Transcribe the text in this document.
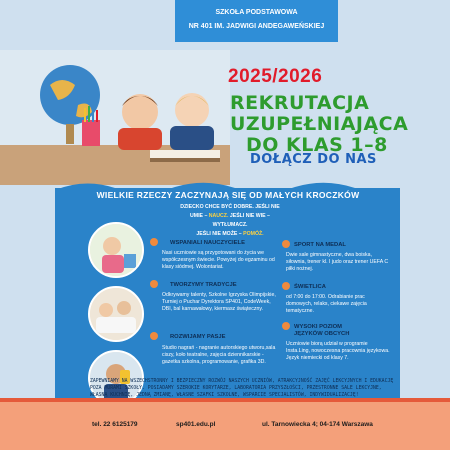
SZKOŁA PODSTAWOWA
NR 401 IM. JADWIGI ANDEGAWEŃSKIEJ
2025/2026
REKRUTACJA
UZUPEŁNIAJĄCA
DO KLAS 1–8
DOŁĄCZ DO NAS
WIELKIE RZECZY ZACZYNAJĄ SIĘ OD MAŁYCH KROCZKÓW
DZIECKO CHCE BYĆ DOBRE. JEŚLI NIE
UMIE – NAUCZ. JEŚLI NIE WIE –
WYTŁUMACZ.
JEŚLI NIE MOŻE – POMÓŻ.
WSPANIALI NAUCZYCIELE
Nasi uczniowie są przygotowani do życia we współczesnym świecie. Powyżej do egzaminu od klasy siódmej. Wolontariat.
TWORZYMY TRADYCJE
Odkrywamy talenty, Szkolne Igrzyska Olimpijskie, Turniej o Puchar Dyrektora SP401, CodeWeek, DBI, bal karnawałowy, kiermasz świąteczny.
ROZWIJAMY PASJE
Studio nagrań - nagranie autorskiego utworu,sala ciszy, koło teatralne, zajęcia dziennikarskie - gazetka szkolna, programowanie, grafika 3D.
SPORT NA MEDAL
Dwie sale gimnastyczne, dwa boiska, siłownia, trener kl. I judo oraz trener UEFA C piłki nożnej.
ŚWIETLICA
od 7:00 do 17:00. Odrabianie prac domowych, relaks, ciekawe zajęcia tematyczne.
WYSOKI POZIOM
JĘZYKÓW OBCYCH
Uczniowie biorą udział w programie Insta.Ling, nowoczesna pracownia językowa. Język niemiecki od klasy 7.
ZAPEWNIAMY NA WSZECHSTRONNY I BEZPIECZNY ROZWÓJ NASZYCH UCZNIÓW, ATRAKCYJNOŚĆ ZAJĘĆ LEKCYJNYCH I EDUKACJĘ POZA MURAMI SZKOŁY. POSIADAMY SZEROKIE KORYTARZE, LABORATORIA PRZYSZŁOŚCI, PRZESTRONNE SALE LEKCYJNE, WŁASNĄ KUCHNIĘ, JEDNĄ ZMIANĘ, WŁASNE SZAFKI SZKOLNE, WSPARCIE SPECJALISTÓW, INDYWIDUALIZACJĘ!
tel. 22 6125179	sp401.edu.pl	ul. Tarnowiecka 4; 04-174 Warszawa
